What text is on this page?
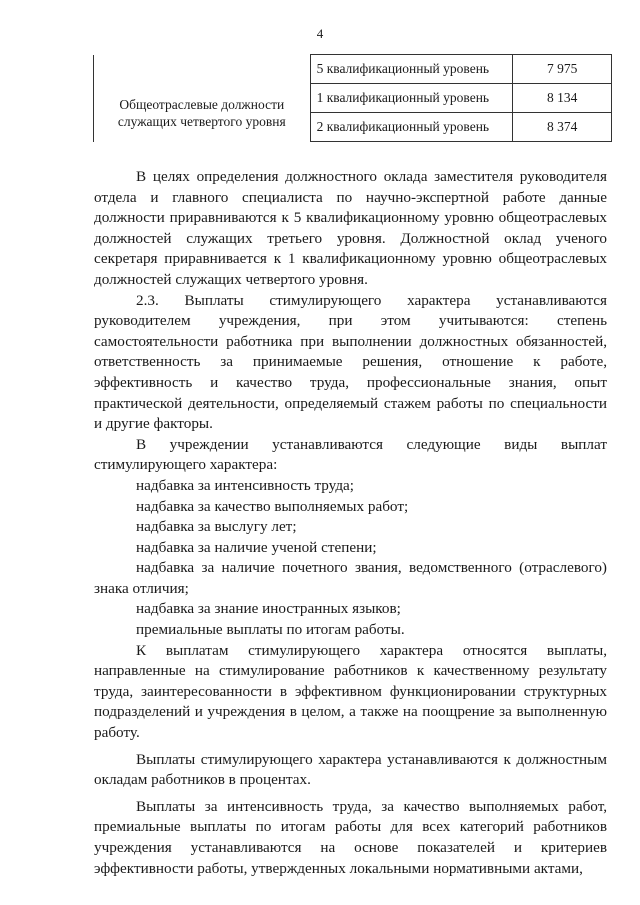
4
	5 квалификационный уровень	7 975
Общеотраслевые должности служащих четвертого уровня	1 квалификационный уровень	8 134
	2 квалификационный уровень	8 374

В целях определения должностного оклада заместителя руководителя отдела и главного специалиста по научно-экспертной работе данные должности приравниваются к 5 квалификационному уровню общеотраслевых должностей служащих третьего уровня. Должностной оклад ученого секретаря приравнивается к 1 квалификационному уровню общеотраслевых должностей служащих четвертого уровня.

2.3. Выплаты стимулирующего характера устанавливаются руководителем учреждения, при этом учитываются: степень самостоятельности работника при выполнении должностных обязанностей, ответственность за принимаемые решения, отношение к работе, эффективность и качество труда, профессиональные знания, опыт практической деятельности, определяемый стажем работы по специальности и другие факторы.

В учреждении устанавливаются следующие виды выплат стимулирующего характера:

надбавка за интенсивность труда;

надбавка за качество выполняемых работ;

надбавка за выслугу лет;

надбавка за наличие ученой степени;

надбавка за наличие почетного звания, ведомственного (отраслевого) знака отличия;

надбавка за знание иностранных языков;

премиальные выплаты по итогам работы.

К выплатам стимулирующего характера относятся выплаты, направленные на стимулирование работников к качественному результату труда, заинтересованности в эффективном функционировании структурных подразделений и учреждения в целом, а также на поощрение за выполненную работу.

Выплаты стимулирующего характера устанавливаются к должностным окладам работников в процентах.

Выплаты за интенсивность труда, за качество выполняемых работ, премиальные выплаты по итогам работы для всех категорий работников учреждения устанавливаются на основе показателей и критериев эффективности работы, утвержденных локальными нормативными актами,
